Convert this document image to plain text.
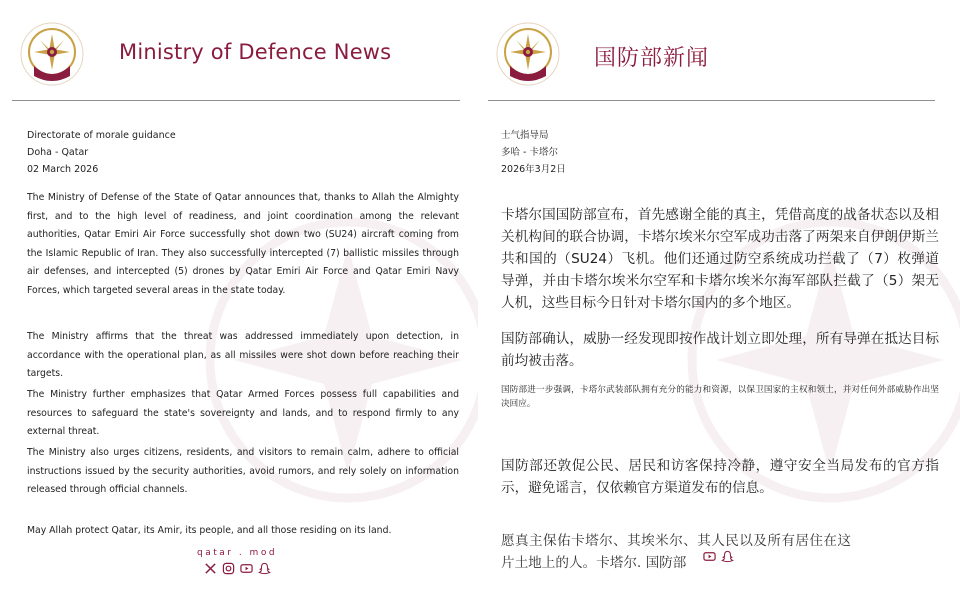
Ministry of Defence News
Directorate of morale guidance
Doha - Qatar
02 March 2026
The Ministry of Defense of the State of Qatar announces that, thanks to Allah the Almighty first, and to the high level of readiness, and joint coordination among the relevant authorities, Qatar Emiri Air Force successfully shot down two (SU24) aircraft coming from the Islamic Republic of Iran. They also successfully intercepted (7) ballistic missiles through air defenses, and intercepted (5) drones by Qatar Emiri Air Force and Qatar Emiri Navy Forces, which targeted several areas in the state today.
The Ministry affirms that the threat was addressed immediately upon detection, in accordance with the operational plan, as all missiles were shot down before reaching their targets.
The Ministry further emphasizes that Qatar Armed Forces possess full capabilities and resources to safeguard the state's sovereignty and lands, and to respond firmly to any external threat.
The Ministry also urges citizens, residents, and visitors to remain calm, adhere to official instructions issued by the security authorities, avoid rumors, and rely solely on information released through official channels.
May Allah protect Qatar, its Amir, its people, and all those residing on its land.
qatar . mod
国防部新闻
士气指导局
多哈 - 卡塔尔
2026年3月2日
卡塔尔国国防部宣布，首先感谢全能的真主，凭借高度的战备状态以及相关机构间的联合协调，卡塔尔埃米尔空军成功击落了两架来自伊朗伊斯兰共和国的（SU24）飞机。他们还通过防空系统成功拦截了（7）枚弹道导弹，并由卡塔尔埃米尔空军和卡塔尔埃米尔海军部队拦截了（5）架无人机，这些目标今日针对卡塔尔国内的多个地区。
国防部确认，威胁一经发现即按作战计划立即处理，所有导弹在抵达目标前均被击落。
国防部进一步强调，卡塔尔武装部队拥有充分的能力和资源，以保卫国家的主权和领土，并对任何外部威胁作出坚决回应。
国防部还敦促公民、居民和访客保持冷静，遵守安全当局发布的官方指示，避免谣言，仅依赖官方渠道发布的信息。
愿真主保佑卡塔尔、其埃米尔、其人民以及所有居住在这片土地上的人。卡塔尔. 国防部
